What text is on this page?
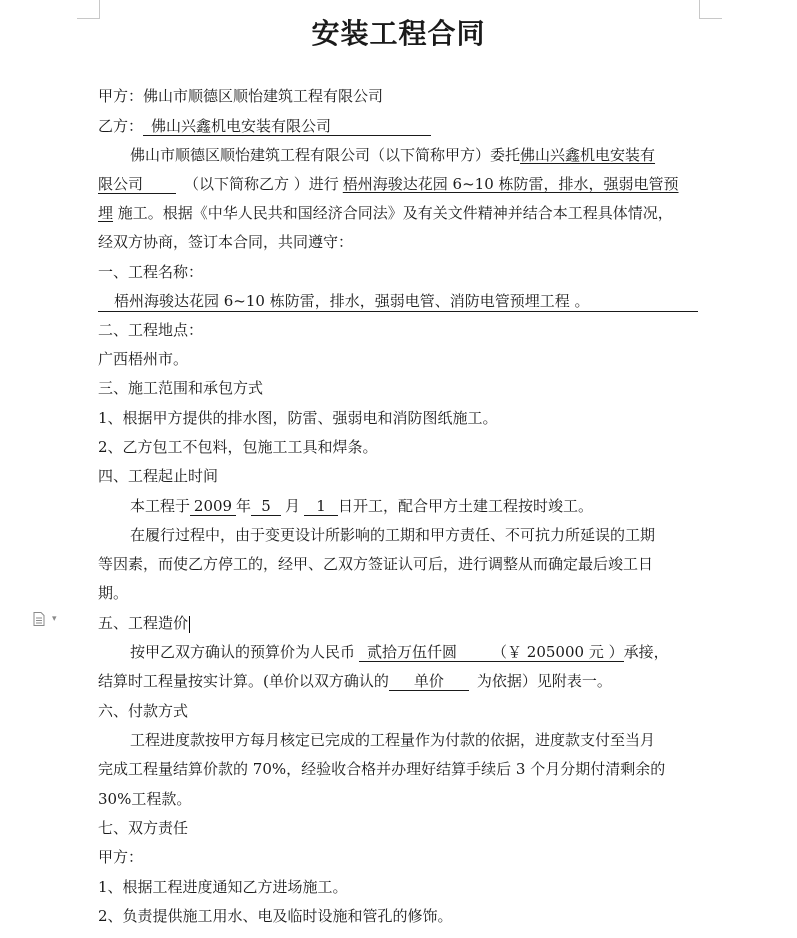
安装工程合同
甲方：佛山市顺德区顺怡建筑工程有限公司
乙方： 佛山兴鑫机电安装有限公司
佛山市顺德区顺怡建筑工程有限公司（以下简称甲方）委托佛山兴鑫机电安装有
限公司	（以下简称乙方 ）进行 梧州海骏达花园 6~10 栋防雷，排水，强弱电管预
埋 施工。根据《中华人民共和国经济合同法》及有关文件精神并结合本工程具体情况，
经双方协商，签订本合同，共同遵守：
一、工程名称：
梧州海骏达花园 6~10 栋防雷，排水，强弱电管、消防电管预埋工程 。
二、工程地点：
广西梧州市。
三、施工范围和承包方式
1、根据甲方提供的排水图，防雷、强弱电和消防图纸施工。
2、乙方包工不包料，包施工工具和焊条。
四、工程起止时间
本工程于 2009 年 5 月 1 日开工，配合甲方土建工程按时竣工。
在履行过程中，由于变更设计所影响的工期和甲方责任、不可抗力所延误的工期
等因素，而使乙方停工的，经甲、乙双方签证认可后，进行调整从而确定最后竣工日
期。
▾	五、工程造价
按甲乙双方确认的预算价为人民币 贰拾万伍仟圆 （￥ 205000 元 ）承接，
结算时工程量按实计算。(单价以双方确认的 单价 为依据）见附表一。
六、付款方式
工程进度款按甲方每月核定已完成的工程量作为付款的依据，进度款支付至当月
完成工程量结算价款的 70%，经验收合格并办理好结算手续后 3 个月分期付清剩余的
30%工程款。
七、双方责任
甲方：
1、根据工程进度通知乙方进场施工。
2、负责提供施工用水、电及临时设施和管孔的修饰。
